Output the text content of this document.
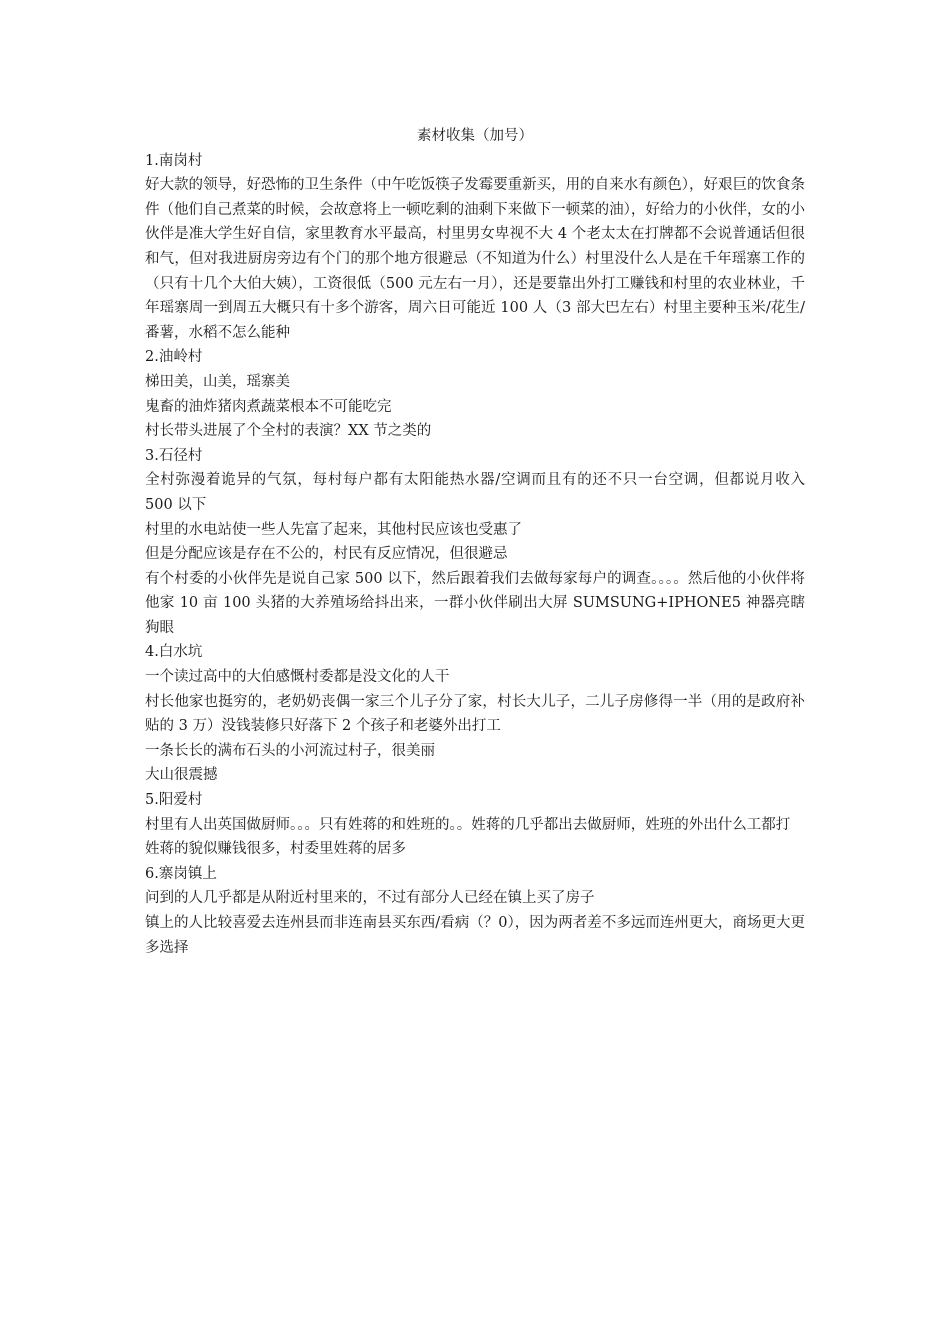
素材收集（加号）

1.南岗村

好大款的领导，好恐怖的卫生条件（中午吃饭筷子发霉要重新买，用的自来水有颜色），好艰巨的饮食条件（他们自己煮菜的时候，会故意将上一顿吃剩的油剩下来做下一顿菜的油），好给力的小伙伴，女的小伙伴是准大学生好自信，家里教育水平最高，村里男女卑视不大 4 个老太太在打牌都不会说普通话但很和气，但对我进厨房旁边有个门的那个地方很避忌（不知道为什么）村里没什么人是在千年瑶寨工作的（只有十几个大伯大姨），工资很低（500 元左右一月），还是要靠出外打工赚钱和村里的农业林业，千年瑶寨周一到周五大概只有十多个游客，周六日可能近 100 人（3 部大巴左右）村里主要种玉米/花生/番薯，水稻不怎么能种

2.油岭村

梯田美，山美，瑶寨美

鬼畜的油炸猪肉煮蔬菜根本不可能吃完

村长带头进展了个全村的表演？XX 节之类的

3.石径村

全村弥漫着诡异的气氛，每村每户都有太阳能热水器/空调而且有的还不只一台空调，但都说月收入 500 以下

村里的水电站使一些人先富了起来，其他村民应该也受惠了

但是分配应该是存在不公的，村民有反应情况，但很避忌

有个村委的小伙伴先是说自己家 500 以下，然后跟着我们去做每家每户的调查。。。。然后他的小伙伴将他家 10 亩 100 头猪的大养殖场给抖出来，一群小伙伴刷出大屏 SUMSUNG+IPHONE5 神器亮瞎狗眼

4.白水坑

一个读过高中的大伯感慨村委都是没文化的人干

村长他家也挺穷的，老奶奶丧偶一家三个儿子分了家，村长大儿子，二儿子房修得一半（用的是政府补贴的 3 万）没钱装修只好落下 2 个孩子和老婆外出打工

一条长长的满布石头的小河流过村子，很美丽

大山很震撼

5.阳爱村

村里有人出英国做厨师。。。只有姓蒋的和姓班的。。姓蒋的几乎都出去做厨师，姓班的外出什么工都打

姓蒋的貌似赚钱很多，村委里姓蒋的居多

6.寨岗镇上

问到的人几乎都是从附近村里来的，不过有部分人已经在镇上买了房子

镇上的人比较喜爱去连州县而非连南县买东西/看病（？0），因为两者差不多远而连州更大，商场更大更多选择
